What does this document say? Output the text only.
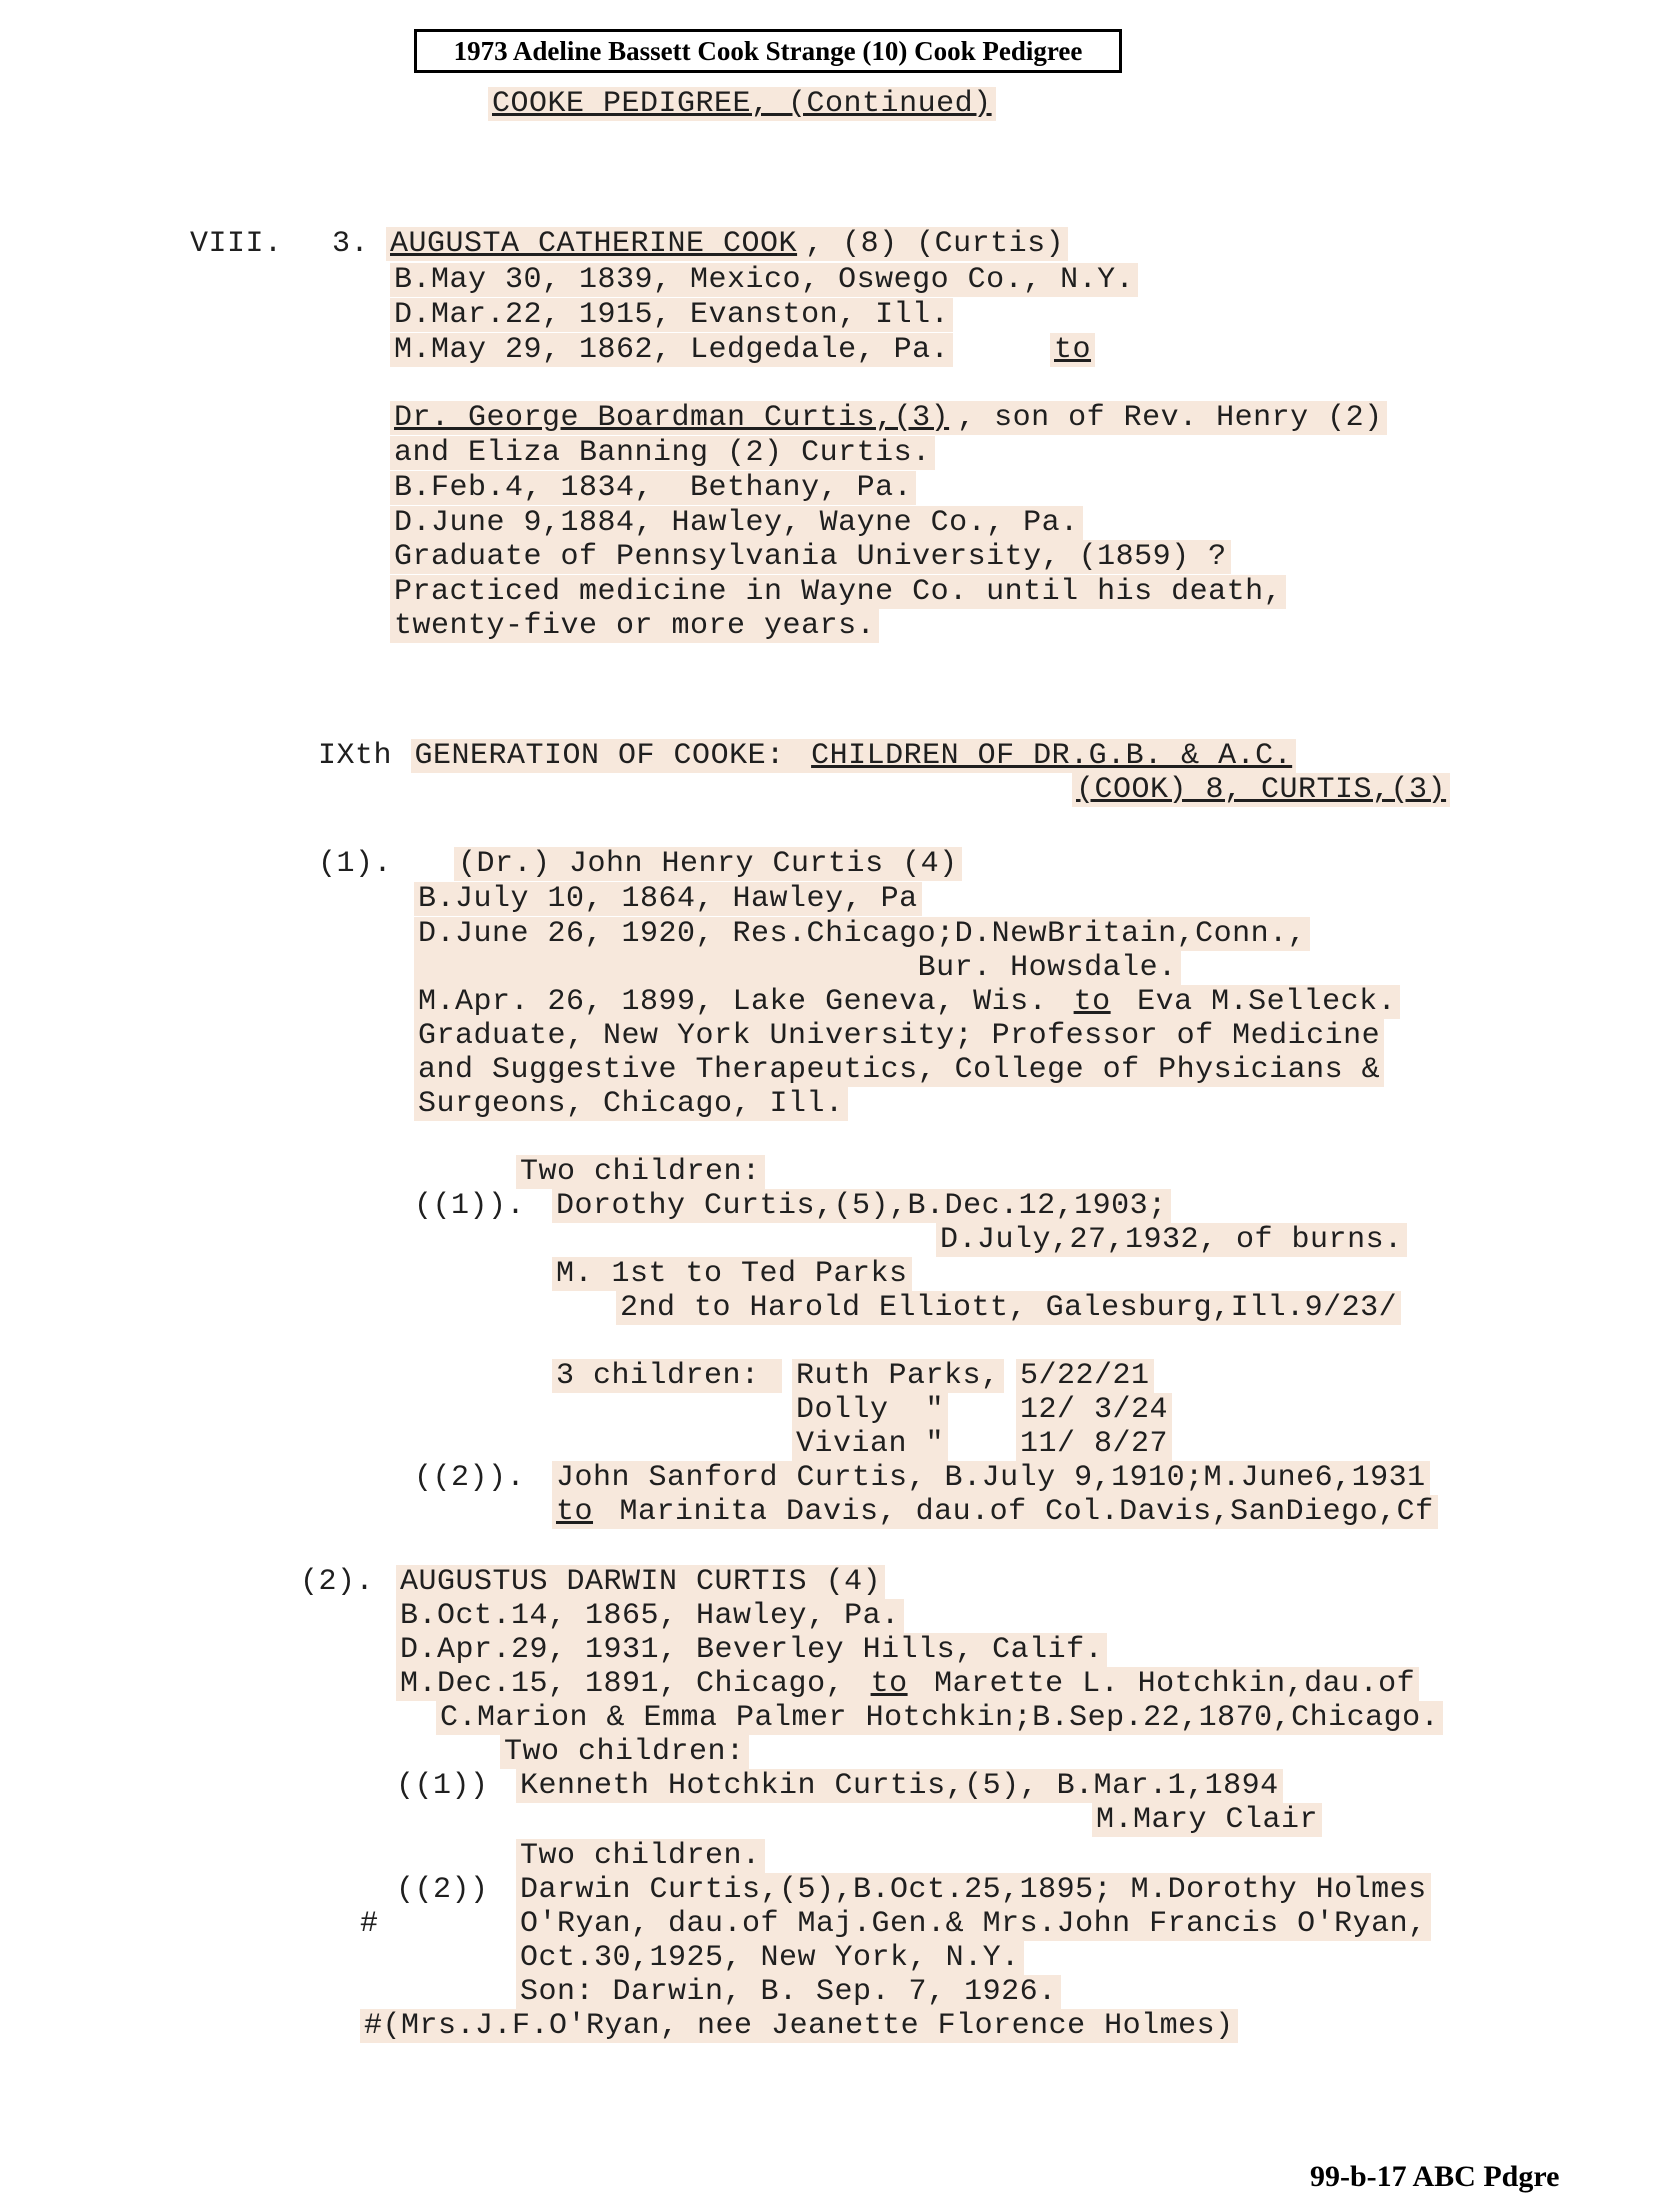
1973 Adeline Bassett Cook Strange (10) Cook Pedigree
COOKE PEDIGREE, (Continued)
VIII. 3. AUGUSTA CATHERINE COOK , (8) (Curtis)
B.May 30, 1839, Mexico, Oswego Co., N.Y.
D.Mar.22, 1915, Evanston, Ill.
M.May 29, 1862, Ledgedale, Pa.	to
Dr. George Boardman Curtis,(3) , son of Rev. Henry (2)
and Eliza Banning (2) Curtis.
B.Feb.4, 1834,  Bethany, Pa.
D.June 9,1884, Hawley, Wayne Co., Pa.
Graduate of Pennsylvania University, (1859) ?
Practiced medicine in Wayne Co. until his death,
twenty-five or more years.
IXth GENERATION OF COOKE: CHILDREN OF DR.G.B. & A.C.
(COOK) 8, CURTIS,(3)
(1). (Dr.) John Henry Curtis (4)
B.July 10, 1864, Hawley, Pa
D.June 26, 1920, Res.Chicago;D.NewBritain,Conn.,
Bur. Howsdale.
M.Apr. 26, 1899, Lake Geneva, Wis. to Eva M.Selleck.
Graduate, New York University; Professor of Medicine
and Suggestive Therapeutics, College of Physicians &
Surgeons, Chicago, Ill.
Two children:
((1)). Dorothy Curtis,(5),B.Dec.12,1903;
D.July,27,1932, of burns.
M. 1st to Ted Parks
2nd to Harold Elliott, Galesburg,Ill.9/23/
3 children: Ruth Parks, 5/22/21
Dolly  "	12/ 3/24
Vivian "	11/ 8/27
((2)). John Sanford Curtis, B.July 9,1910;M.June6,1931
to Marinita Davis, dau.of Col.Davis,SanDiego,Cf
(2). AUGUSTUS DARWIN CURTIS (4)
B.Oct.14, 1865, Hawley, Pa.
D.Apr.29, 1931, Beverley Hills, Calif.
M.Dec.15, 1891, Chicago, to Marette L. Hotchkin,dau.of
C.Marion & Emma Palmer Hotchkin;B.Sep.22,1870,Chicago.
Two children:
((1)) Kenneth Hotchkin Curtis,(5), B.Mar.1,1894
M.Mary Clair
Two children.
((2))
#
Darwin Curtis,(5),B.Oct.25,1895; M.Dorothy Holmes
O'Ryan, dau.of Maj.Gen.& Mrs.John Francis O'Ryan,
Oct.30,1925, New York, N.Y.
Son: Darwin, B. Sep. 7, 1926.
#(Mrs.J.F.O'Ryan, nee Jeanette Florence Holmes)
99-b-17 ABC Pdgre
